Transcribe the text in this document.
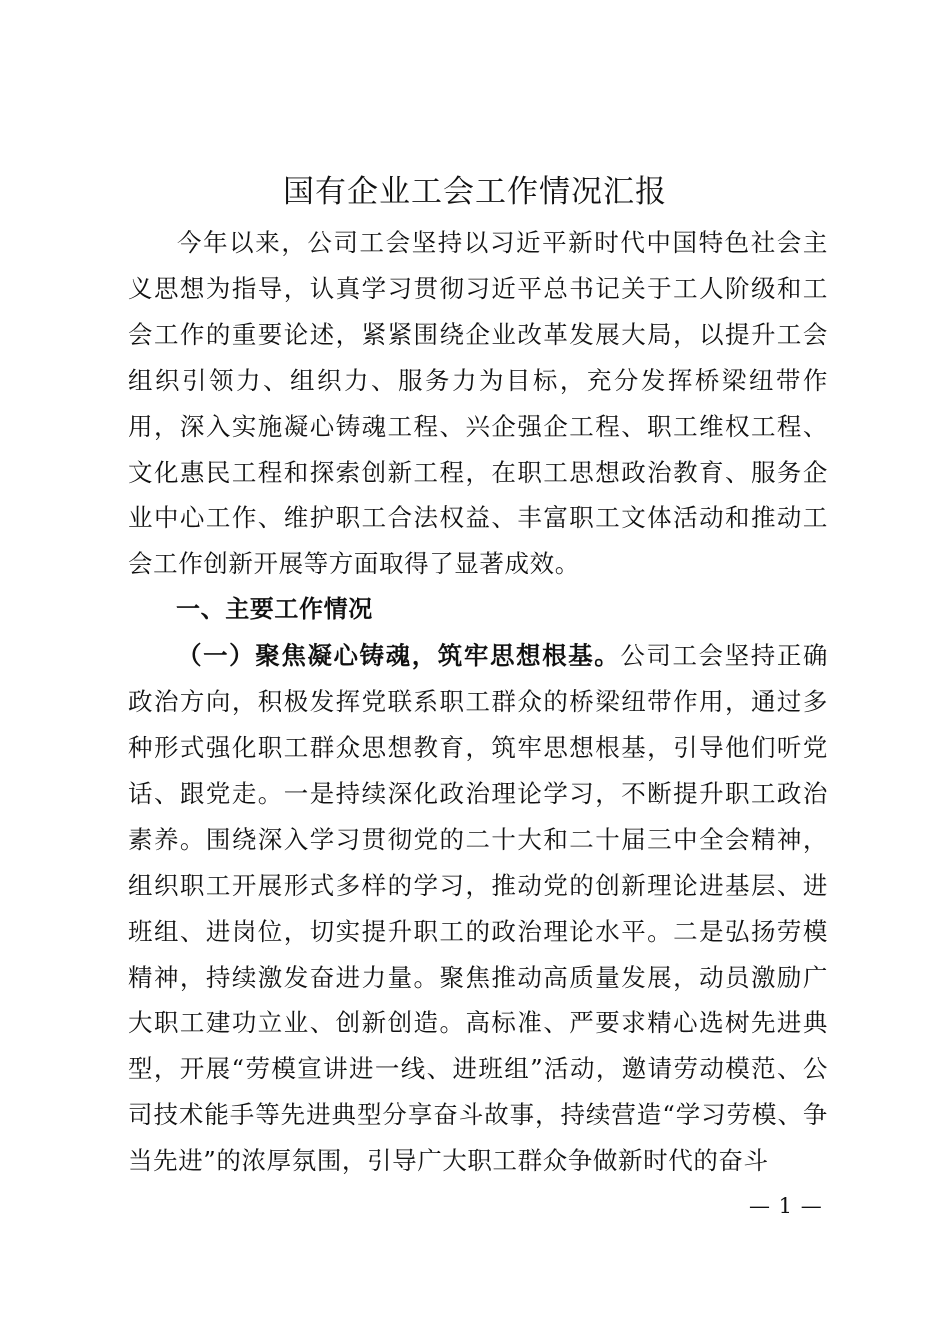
国有企业工会工作情况汇报

今年以来，公司工会坚持以习近平新时代中国特色社会主义思想为指导，认真学习贯彻习近平总书记关于工人阶级和工会工作的重要论述，紧紧围绕企业改革发展大局，以提升工会组织引领力、组织力、服务力为目标，充分发挥桥梁纽带作用，深入实施凝心铸魂工程、兴企强企工程、职工维权工程、文化惠民工程和探索创新工程，在职工思想政治教育、服务企业中心工作、维护职工合法权益、丰富职工文体活动和推动工会工作创新开展等方面取得了显著成效。

一、主要工作情况

（一）聚焦凝心铸魂，筑牢思想根基。公司工会坚持正确政治方向，积极发挥党联系职工群众的桥梁纽带作用，通过多种形式强化职工群众思想教育，筑牢思想根基，引导他们听党话、跟党走。一是持续深化政治理论学习，不断提升职工政治素养。围绕深入学习贯彻党的二十大和二十届三中全会精神，组织职工开展形式多样的学习，推动党的创新理论进基层、进班组、进岗位，切实提升职工的政治理论水平。二是弘扬劳模精神，持续激发奋进力量。聚焦推动高质量发展，动员激励广大职工建功立业、创新创造。高标准、严要求精心选树先进典型，开展“劳模宣讲进一线、进班组”活动，邀请劳动模范、公司技术能手等先进典型分享奋斗故事，持续营造“学习劳模、争当先进”的浓厚氛围，引导广大职工群众争做新时代的奋斗

— 1 —
